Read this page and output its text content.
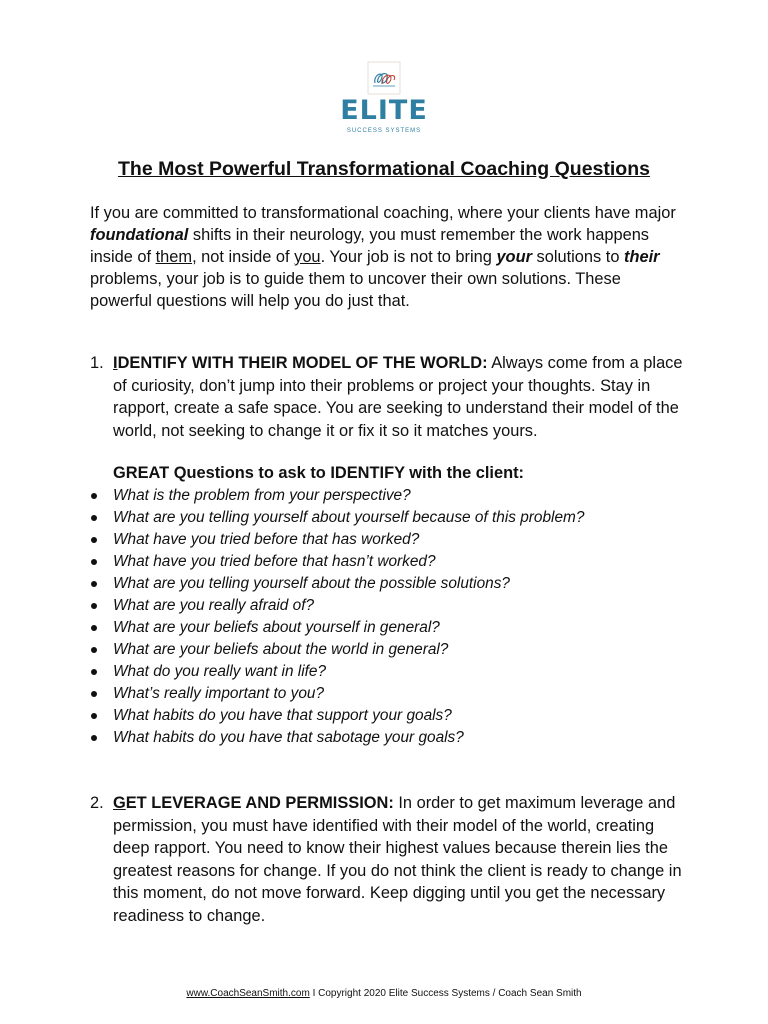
ELITE
SUCCESS SYSTEMS
The Most Powerful Transformational Coaching Questions
If you are committed to transformational coaching, where your clients have major foundational shifts in their neurology, you must remember the work happens inside of them, not inside of you. Your job is not to bring your solutions to their problems, your job is to guide them to uncover their own solutions. These powerful questions will help you do just that.
1. IDENTIFY WITH THEIR MODEL OF THE WORLD: Always come from a place of curiosity, don’t jump into their problems or project your thoughts. Stay in rapport, create a safe space. You are seeking to understand their model of the world, not seeking to change it or fix it so it matches yours.
GREAT Questions to ask to IDENTIFY with the client:
What is the problem from your perspective?
What are you telling yourself about yourself because of this problem?
What have you tried before that has worked?
What have you tried before that hasn’t worked?
What are you telling yourself about the possible solutions?
What are you really afraid of?
What are your beliefs about yourself in general?
What are your beliefs about the world in general?
What do you really want in life?
What’s really important to you?
What habits do you have that support your goals?
What habits do you have that sabotage your goals?
2. GET LEVERAGE AND PERMISSION: In order to get maximum leverage and permission, you must have identified with their model of the world, creating deep rapport. You need to know their highest values because therein lies the greatest reasons for change. If you do not think the client is ready to change in this moment, do not move forward. Keep digging until you get the necessary readiness to change.
www.CoachSeanSmith.com I Copyright 2020 Elite Success Systems / Coach Sean Smith
